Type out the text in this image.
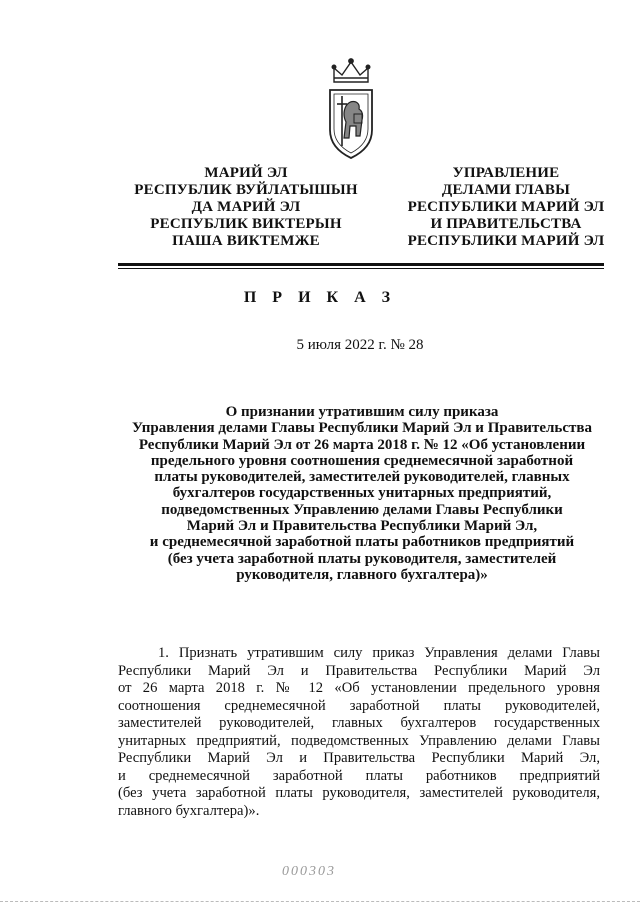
МАРИЙ ЭЛ
РЕСПУБЛИК ВУЙЛАТЫШЫН
ДА МАРИЙ ЭЛ
РЕСПУБЛИК ВИКТЕРЫН
ПАША ВИКТЕМЖЕ
УПРАВЛЕНИЕ
ДЕЛАМИ ГЛАВЫ
РЕСПУБЛИКИ МАРИЙ ЭЛ
И ПРАВИТЕЛЬСТВА
РЕСПУБЛИКИ МАРИЙ ЭЛ
П Р И К А З
5 июля 2022 г. № 28
О признании утратившим силу приказа
Управления делами Главы Республики Марий Эл и Правительства
Республики Марий Эл от 26 марта 2018 г. № 12 «Об установлении
предельного уровня соотношения среднемесячной заработной
платы руководителей, заместителей руководителей, главных
бухгалтеров государственных унитарных предприятий,
подведомственных Управлению делами Главы Республики
Марий Эл и Правительства Республики Марий Эл,
и среднемесячной заработной платы работников предприятий
(без учета заработной платы руководителя, заместителей
руководителя, главного бухгалтера)»
1. Признать утратившим силу приказ Управления делами Главы
Республики Марий Эл и Правительства Республики Марий Эл
от 26 марта 2018 г. № 12 «Об установлении предельного уровня
соотношения среднемесячной заработной платы руководителей,
заместителей руководителей, главных бухгалтеров государственных
унитарных предприятий, подведомственных Управлению делами Главы
Республики Марий Эл и Правительства Республики Марий Эл,
и среднемесячной заработной платы работников предприятий
(без учета заработной платы руководителя, заместителей руководителя,
главного бухгалтера)».
000303
